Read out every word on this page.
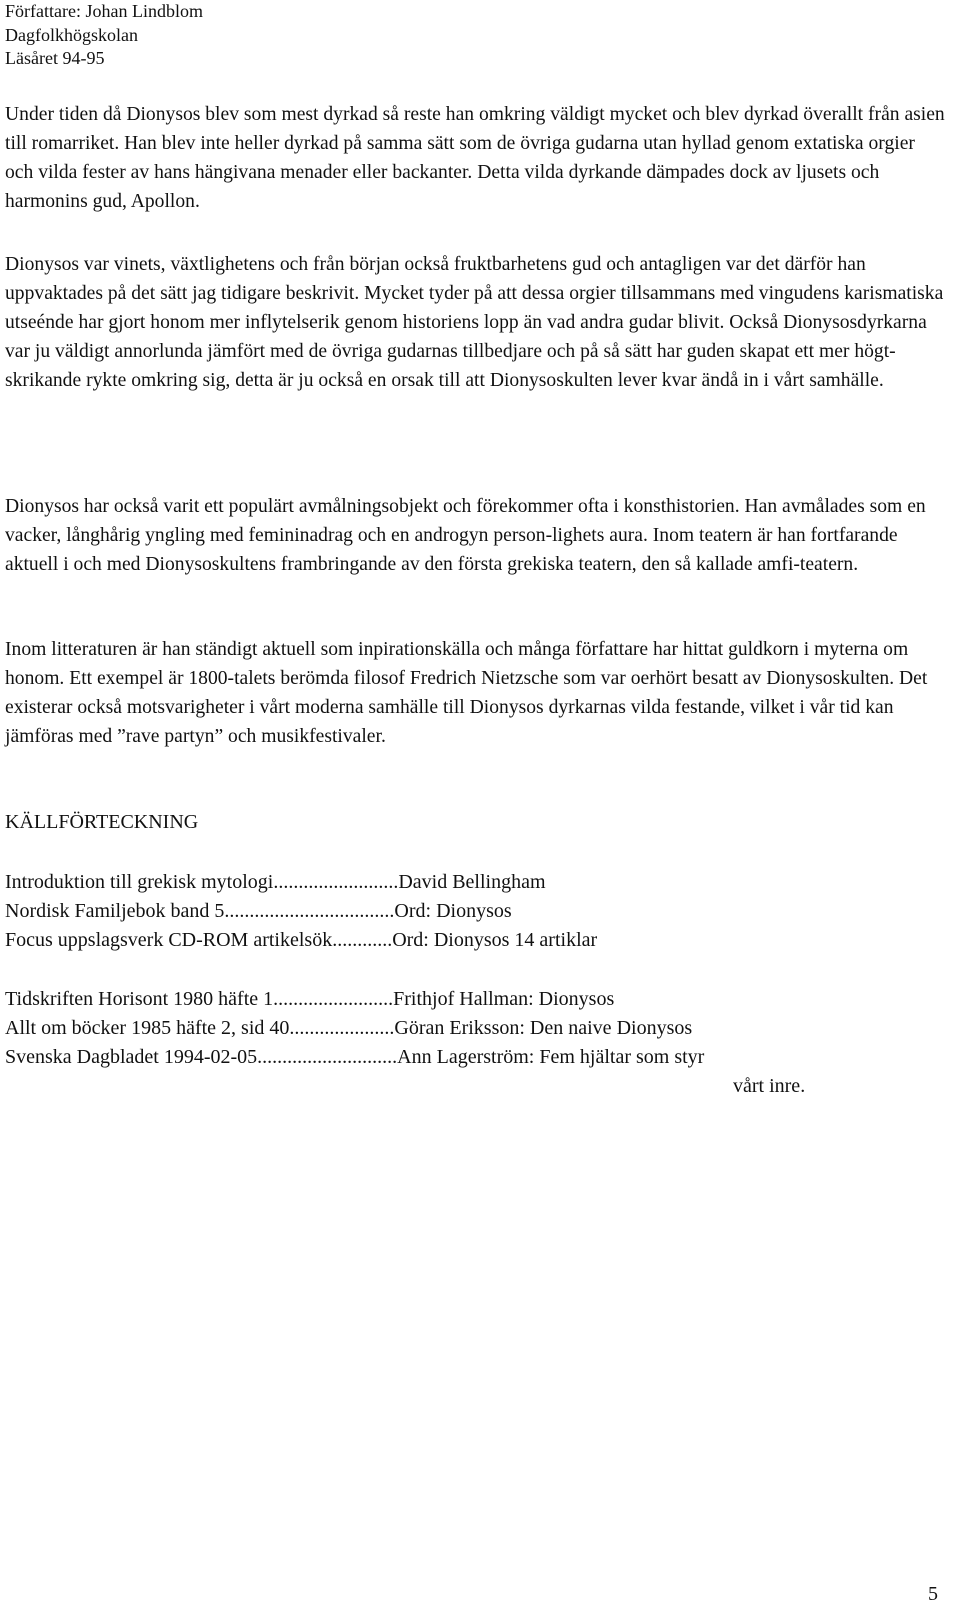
Författare: Johan Lindblom
Dagfolkhögskolan
Läsåret 94-95

Under tiden då Dionysos blev som mest dyrkad så reste han omkring väldigt mycket och blev dyrkad överallt från asien till romarriket. Han blev inte heller dyrkad på samma sätt som de övriga gudarna utan hyllad genom extatiska orgier och vilda fester av hans hängivana menader eller backanter. Detta vilda dyrkande dämpades dock av ljusets och harmonins gud, Apollon.

Dionysos var vinets, växtlighetens och från början också fruktbarhetens gud och antagligen var det därför han uppvaktades på det sätt jag tidigare beskrivit. Mycket tyder på att dessa orgier tillsammans med vingudens karismatiska utseénde har gjort honom mer inflytelserik genom historiens lopp än vad andra gudar blivit. Också Dionysosdyrkarna var ju väldigt annorlunda jämfört med de övriga gudarnas tillbedjare och på så sätt har guden skapat ett mer högt-skrikande rykte omkring sig, detta är ju också en orsak till att Dionysoskulten lever kvar ändå in i vårt samhälle.

Dionysos har också varit ett populärt avmålningsobjekt och förekommer ofta i konsthistorien. Han avmålades som en vacker, långhårig yngling med femininadrag och en androgyn person-lighets aura. Inom teatern är han fortfarande aktuell i och med Dionysoskultens frambringande av den första grekiska teatern, den så kallade amfi-teatern.

Inom litteraturen är han ständigt aktuell som inpirationskälla och många författare har hittat guldkorn i myterna om honom. Ett exempel är 1800-talets berömda filosof Fredrich Nietzsche som var oerhört besatt av Dionysoskulten. Det existerar också motsvarigheter i vårt moderna samhälle till Dionysos dyrkarnas vilda festande, vilket i vår tid kan jämföras med ”rave partyn” och musikfestivaler.

KÄLLFÖRTECKNING
Introduktion till grekisk mytologi.........................David Bellingham
Nordisk Familjebok band 5..................................Ord: Dionysos
Focus uppslagsverk CD-ROM artikelsök............Ord: Dionysos 14 artiklar
Tidskriften Horisont 1980 häfte 1........................Frithjof Hallman: Dionysos
Allt om böcker 1985 häfte 2, sid 40.....................Göran Eriksson: Den naive Dionysos
Svenska Dagbladet 1994-02-05............................Ann Lagerström: Fem hjältar som styr
vårt inre.
5
